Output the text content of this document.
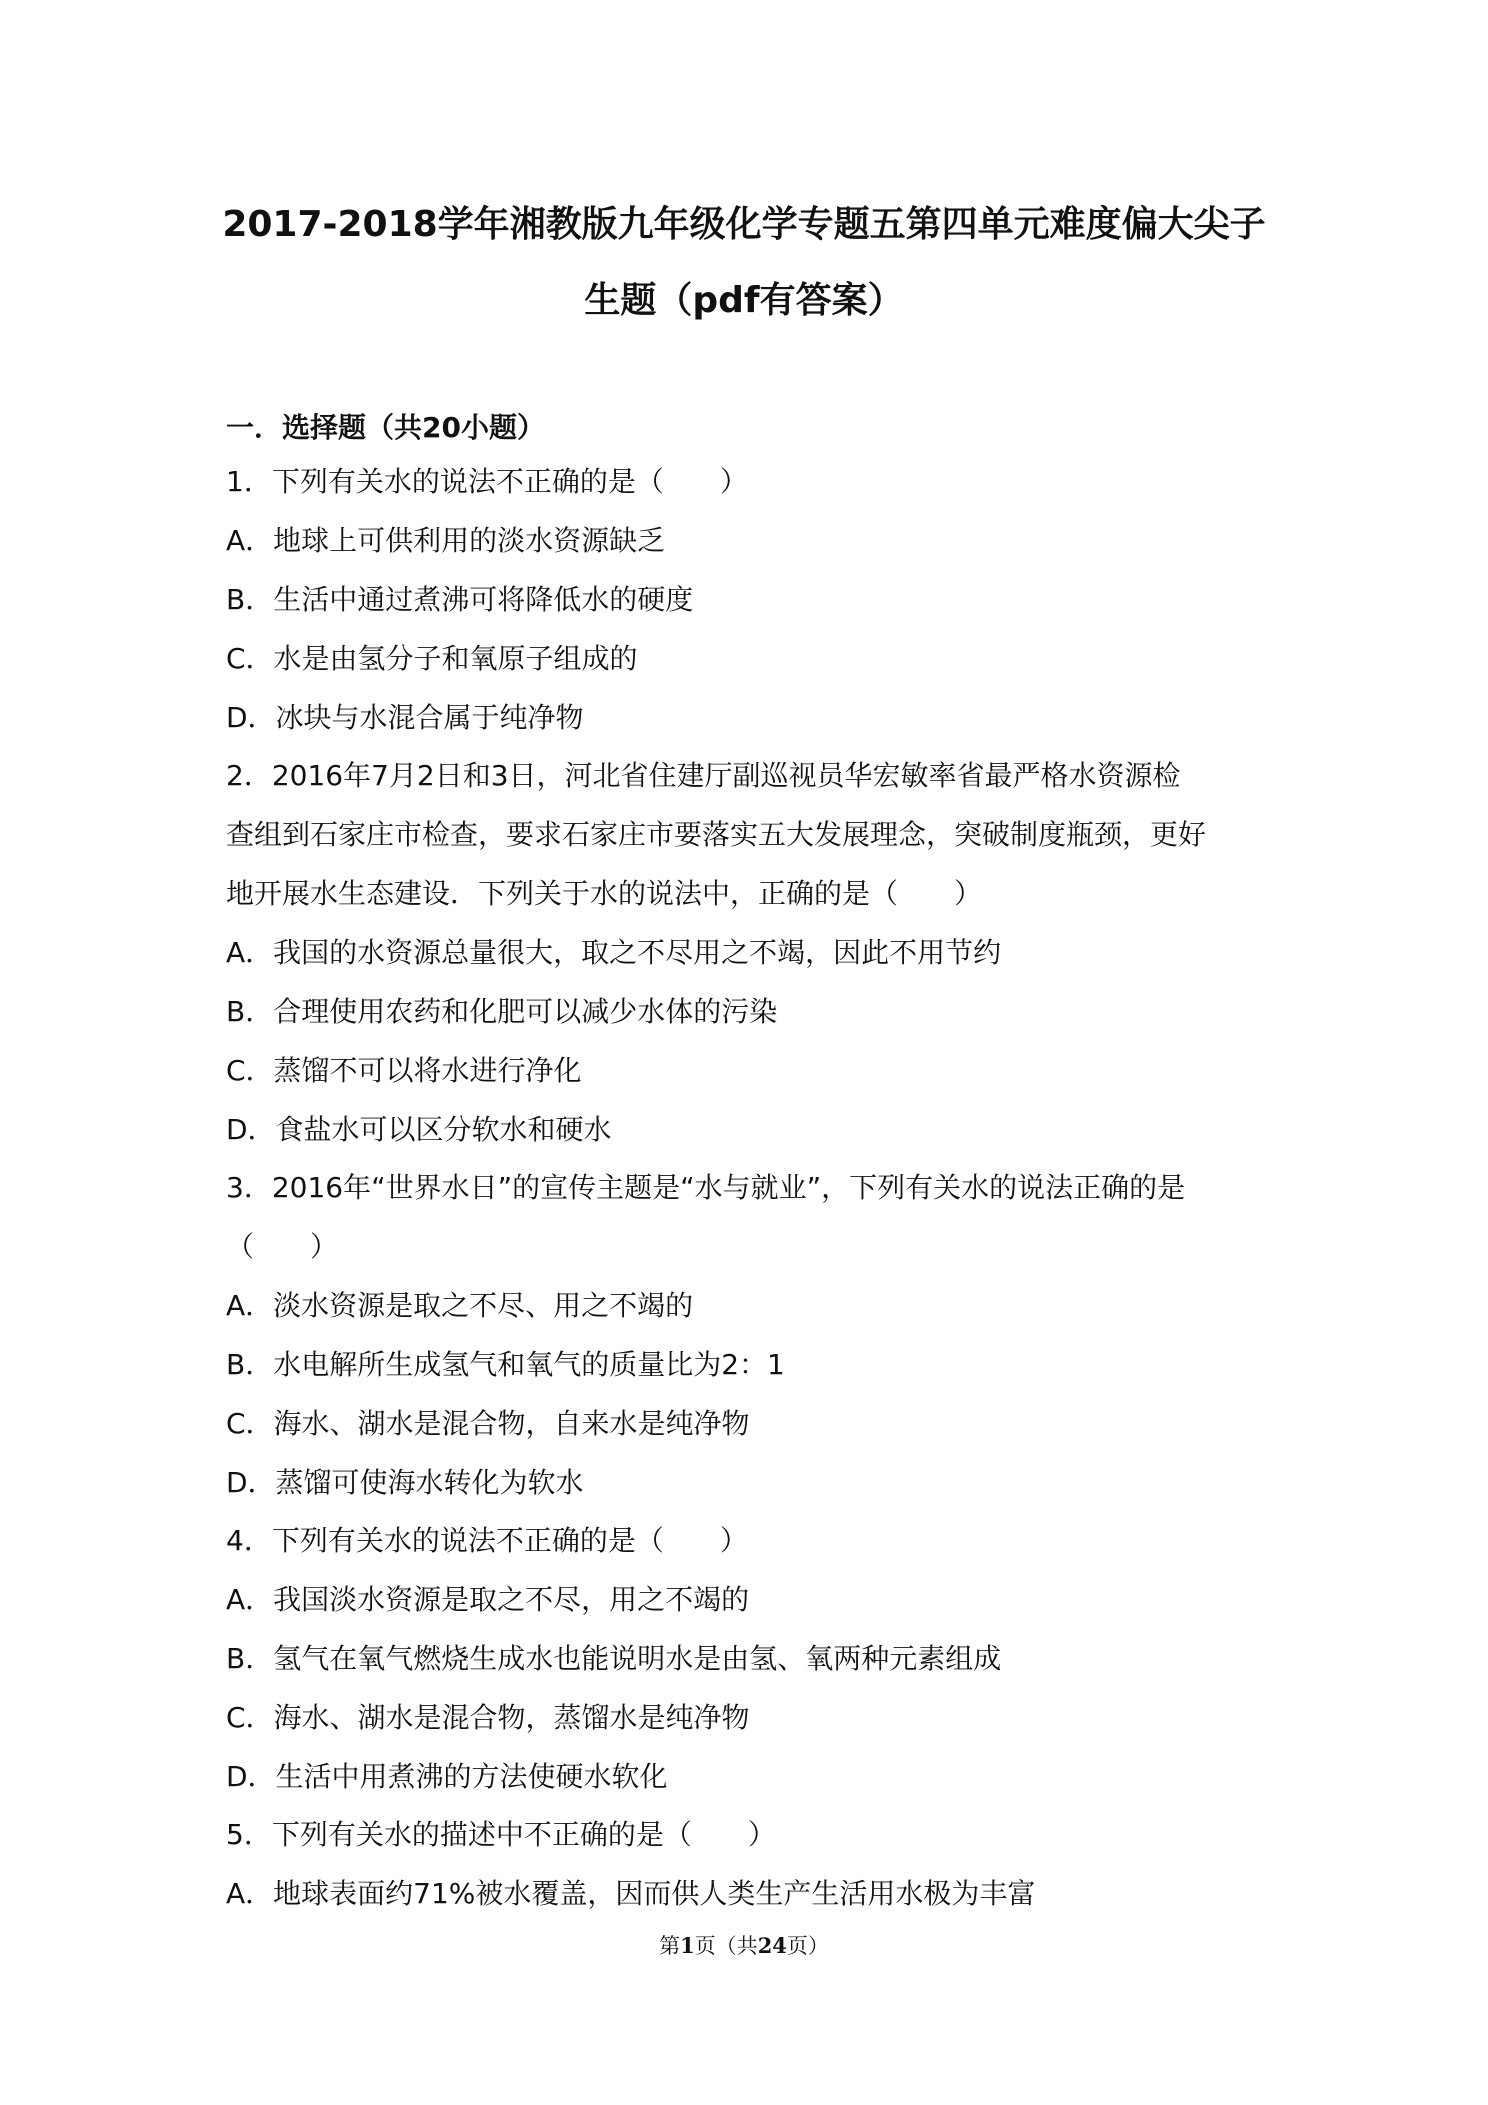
2017-2018学年湘教版九年级化学专题五第四单元难度偏大尖子
生题（pdf有答案）
一．选择题（共20小题）
1．下列有关水的说法不正确的是（　　）
A．地球上可供利用的淡水资源缺乏
B．生活中通过煮沸可将降低水的硬度
C．水是由氢分子和氧原子组成的
D．冰块与水混合属于纯净物
2．2016年7月2日和3日，河北省住建厅副巡视员华宏敏率省最严格水资源检
查组到石家庄市检查，要求石家庄市要落实五大发展理念，突破制度瓶颈，更好
地开展水生态建设．下列关于水的说法中，正确的是（　　）
A．我国的水资源总量很大，取之不尽用之不竭，因此不用节约
B．合理使用农药和化肥可以减少水体的污染
C．蒸馏不可以将水进行净化
D．食盐水可以区分软水和硬水
3．2016年“世界水日”的宣传主题是“水与就业”，下列有关水的说法正确的是
（　　）
A．淡水资源是取之不尽、用之不竭的
B．水电解所生成氢气和氧气的质量比为2：1
C．海水、湖水是混合物，自来水是纯净物
D．蒸馏可使海水转化为软水
4．下列有关水的说法不正确的是（　　）
A．我国淡水资源是取之不尽，用之不竭的
B．氢气在氧气燃烧生成水也能说明水是由氢、氧两种元素组成
C．海水、湖水是混合物，蒸馏水是纯净物
D．生活中用煮沸的方法使硬水软化
5．下列有关水的描述中不正确的是（　　）
A．地球表面约71%被水覆盖，因而供人类生产生活用水极为丰富
第1页（共24页）
